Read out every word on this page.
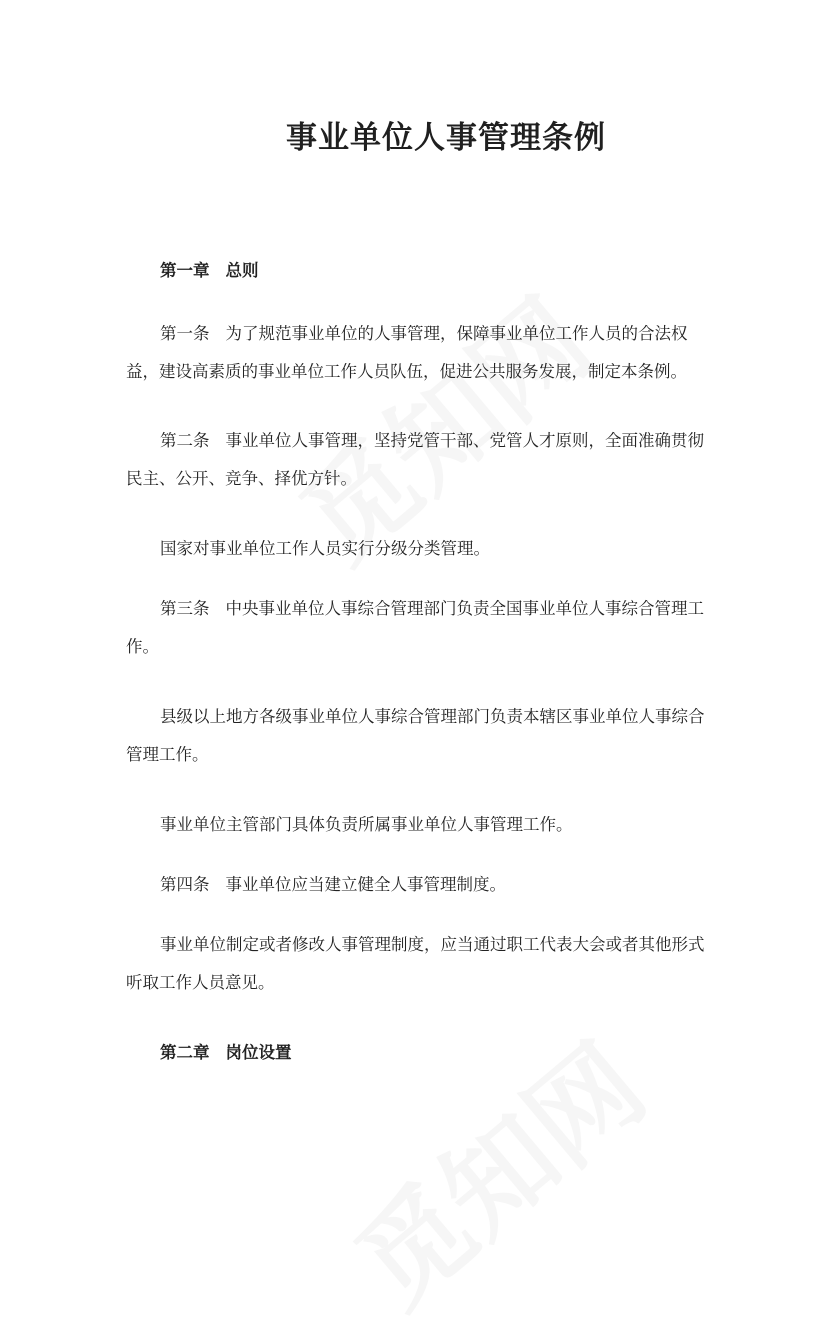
事业单位人事管理条例

第一章 总则

第一条 为了规范事业单位的人事管理，保障事业单位工作人员的合法权益，建设高素质的事业单位工作人员队伍，促进公共服务发展，制定本条例。

第二条 事业单位人事管理，坚持党管干部、党管人才原则，全面准确贯彻民主、公开、竞争、择优方针。

国家对事业单位工作人员实行分级分类管理。

第三条 中央事业单位人事综合管理部门负责全国事业单位人事综合管理工作。

县级以上地方各级事业单位人事综合管理部门负责本辖区事业单位人事综合管理工作。

事业单位主管部门具体负责所属事业单位人事管理工作。

第四条 事业单位应当建立健全人事管理制度。

事业单位制定或者修改人事管理制度，应当通过职工代表大会或者其他形式听取工作人员意见。

第二章 岗位设置
